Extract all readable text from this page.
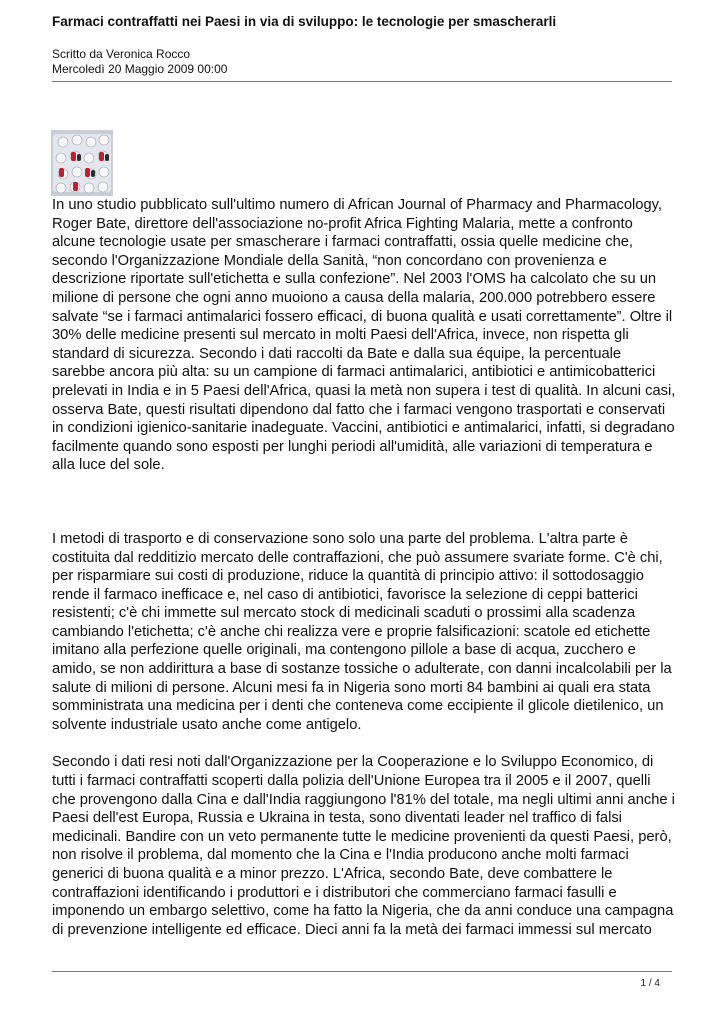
Farmaci contraffatti nei Paesi in via di sviluppo: le tecnologie per smascherarli
Scritto da Veronica Rocco
Mercoledì 20 Maggio 2009 00:00

In uno studio pubblicato sull'ultimo numero di African Journal of Pharmacy and Pharmacology,

Roger Bate, direttore dell'associazione no-profit Africa Fighting Malaria, mette a confronto

alcune tecnologie usate per smascherare i farmaci contraffatti, ossia quelle medicine che,

secondo l'Organizzazione Mondiale della Sanità, “non concordano con provenienza e

descrizione riportate sull'etichetta e sulla confezione”. Nel 2003 l'OMS ha calcolato che su un

milione di persone che ogni anno muoiono a causa della malaria, 200.000 potrebbero essere

salvate “se i farmaci antimalarici fossero efficaci, di buona qualità e usati correttamente”. Oltre il

30% delle medicine presenti sul mercato in molti Paesi dell'Africa, invece, non rispetta gli

standard di sicurezza. Secondo i dati raccolti da Bate e dalla sua équipe, la percentuale

sarebbe ancora più alta: su un campione di farmaci antimalarici, antibiotici e antimicobatterici

prelevati in India e in 5 Paesi dell'Africa, quasi la metà non supera i test di qualità. In alcuni casi,

osserva Bate, questi risultati dipendono dal fatto che i farmaci vengono trasportati e conservati

in condizioni igienico-sanitarie inadeguate. Vaccini, antibiotici e antimalarici, infatti, si degradano

facilmente quando sono esposti per lunghi periodi all'umidità, alle variazioni di temperatura e

alla luce del sole.

I metodi di trasporto e di conservazione sono solo una parte del problema. L'altra parte è

costituita dal redditizio mercato delle contraffazioni, che può assumere svariate forme. C'è chi,

per risparmiare sui costi di produzione, riduce la quantità di principio attivo: il sottodosaggio

rende il farmaco inefficace e, nel caso di antibiotici, favorisce la selezione di ceppi batterici

resistenti; c'è chi immette sul mercato stock di medicinali scaduti o prossimi alla scadenza

cambiando l'etichetta; c'è anche chi realizza vere e proprie falsificazioni: scatole ed etichette

imitano alla perfezione quelle originali, ma contengono pillole a base di acqua, zucchero e

amido, se non addirittura a base di sostanze tossiche o adulterate, con danni incalcolabili per la

salute di milioni di persone. Alcuni mesi fa in Nigeria sono morti 84 bambini ai quali era stata

somministrata una medicina per i denti che conteneva come eccipiente il glicole dietilenico, un

solvente industriale usato anche come antigelo.

Secondo i dati resi noti dall'Organizzazione per la Cooperazione e lo Sviluppo Economico, di

tutti i farmaci contraffatti scoperti dalla polizia dell'Unione Europea tra il 2005 e il 2007, quelli

che provengono dalla Cina e dall'India raggiungono l'81% del totale, ma negli ultimi anni anche i

Paesi dell'est Europa, Russia e Ukraina in testa, sono diventati leader nel traffico di falsi

medicinali. Bandire con un veto permanente tutte le medicine provenienti da questi Paesi, però,

non risolve il problema, dal momento che la Cina e l'India producono anche molti farmaci

generici di buona qualità e a minor prezzo. L'Africa, secondo Bate, deve combattere le

contraffazioni identificando i produttori e i distributori che commerciano farmaci fasulli e

imponendo un embargo selettivo, come ha fatto la Nigeria, che da anni conduce una campagna

di prevenzione intelligente ed efficace. Dieci anni fa la metà dei farmaci immessi sul mercato

1 / 4
